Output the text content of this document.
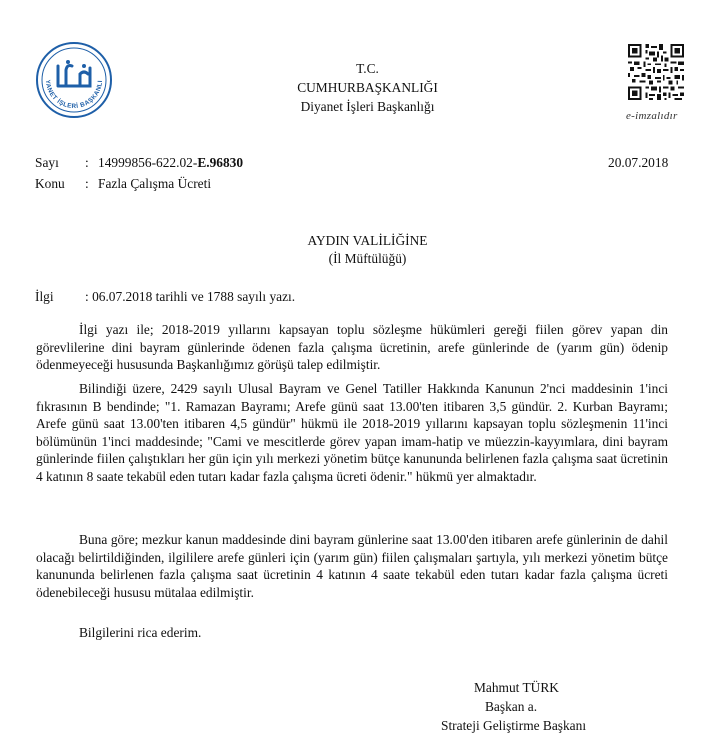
YANET İŞLERİ BAŞKANLI
e-imzalıdır
T.C.
CUMHURBAŞKANLIĞI
Diyanet İşleri Başkanlığı
Sayı : 14999856-622.02-E.96830	20.07.2018
Konu : Fazla Çalışma Ücreti
AYDIN VALİLİĞİNE
(İl Müftülüğü)
İlgi : 06.07.2018 tarihli ve 1788 sayılı yazı.

İlgi yazı ile; 2018-2019 yıllarını kapsayan toplu sözleşme hükümleri gereği fiilen görev yapan din görevlilerine dini bayram günlerinde ödenen fazla çalışma ücretinin, arefe günlerinde de (yarım gün) ödenip ödenmeyeceği hususunda Başkanlığımız görüşü talep edilmiştir.

Bilindiği üzere, 2429 sayılı Ulusal Bayram ve Genel Tatiller Hakkında Kanunun 2'nci maddesinin 1'inci fıkrasının B bendinde; "1. Ramazan Bayramı; Arefe günü saat 13.00'ten itibaren 3,5 gündür. 2. Kurban Bayramı; Arefe günü saat 13.00'ten itibaren 4,5 gündür" hükmü ile 2018-2019 yıllarını kapsayan toplu sözleşmenin 11'inci bölümünün 1'inci maddesinde; "Cami ve mescitlerde görev yapan imam-hatip ve müezzin-kayyımlara, dini bayram günlerinde fiilen çalıştıkları her gün için yılı merkezi yönetim bütçe kanununda belirlenen fazla çalışma saat ücretinin 4 katının 8 saate tekabül eden tutarı kadar fazla çalışma ücreti ödenir." hükmü yer almaktadır.

Buna göre; mezkur kanun maddesinde dini bayram günlerine saat 13.00'den itibaren arefe günlerinin de dahil olacağı belirtildiğinden, ilgililere arefe günleri için (yarım gün) fiilen çalışmaları şartıyla, yılı merkezi yönetim bütçe kanununda belirlenen fazla çalışma saat ücretinin 4 katının 4 saate tekabül eden tutarı kadar fazla çalışma ücreti ödenebileceği hususu mütalaa edilmiştir.

Bilgilerini rica ederim.

Mahmut TÜRK
Başkan a.
Strateji Geliştirme Başkanı
